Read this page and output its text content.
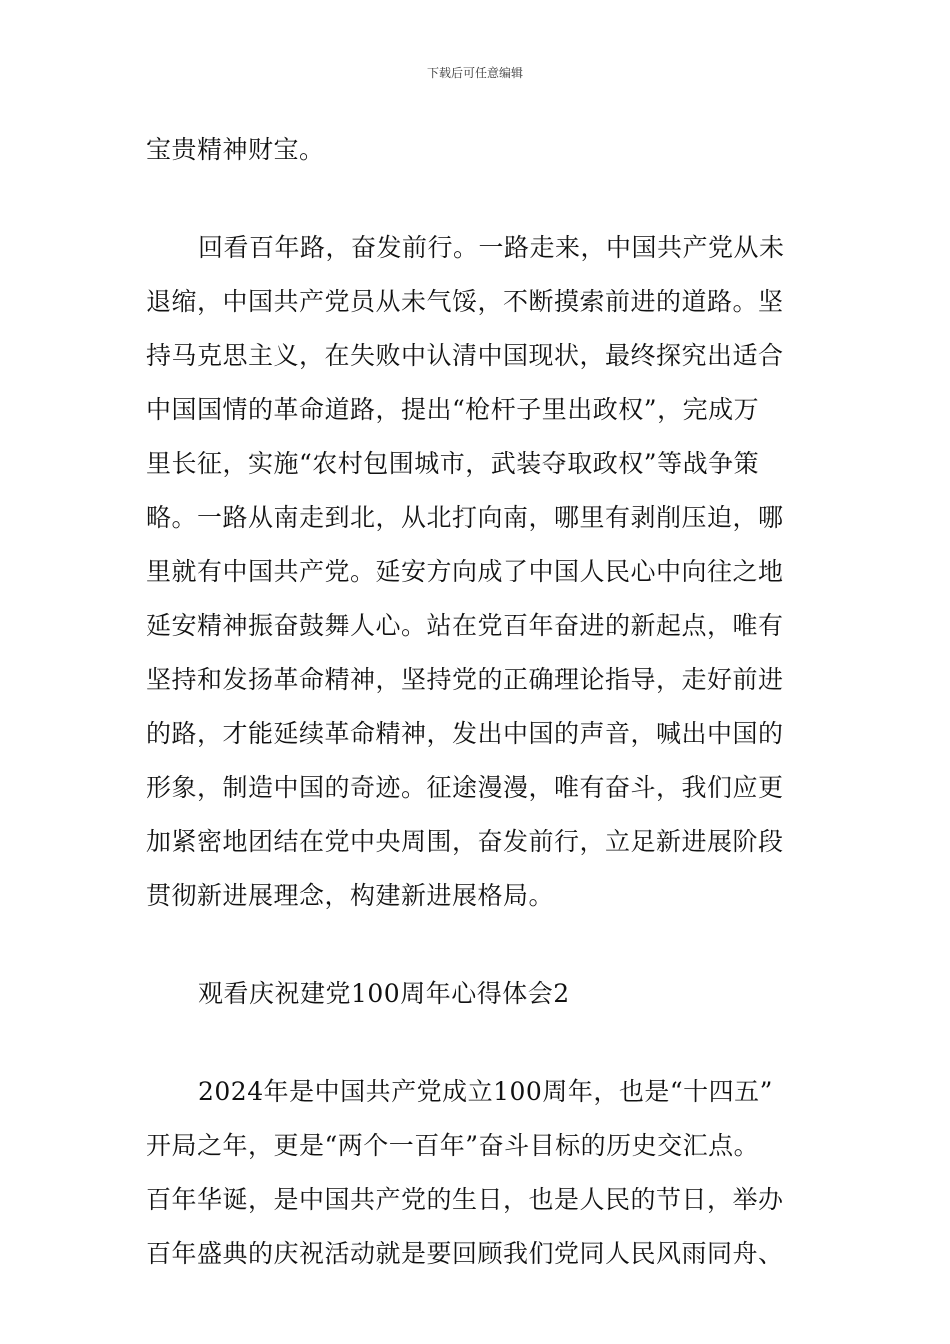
下载后可任意编辑
宝贵精神财宝。
回看百年路，奋发前行。一路走来，中国共产党从未
退缩，中国共产党员从未气馁，不断摸索前进的道路。坚
持马克思主义，在失败中认清中国现状，最终探究出适合
中国国情的革命道路，提出“枪杆子里出政权”，完成万
里长征，实施“农村包围城市，武装夺取政权”等战争策
略。一路从南走到北，从北打向南，哪里有剥削压迫，哪
里就有中国共产党。延安方向成了中国人民心中向往之地
延安精神振奋鼓舞人心。站在党百年奋进的新起点，唯有
坚持和发扬革命精神，坚持党的正确理论指导，走好前进
的路，才能延续革命精神，发出中国的声音，喊出中国的
形象，制造中国的奇迹。征途漫漫，唯有奋斗，我们应更
加紧密地团结在党中央周围，奋发前行，立足新进展阶段
贯彻新进展理念，构建新进展格局。
观看庆祝建党100周年心得体会2
2024年是中国共产党成立100周年，也是“十四五”
开局之年，更是“两个一百年”奋斗目标的历史交汇点。
百年华诞，是中国共产党的生日，也是人民的节日，举办
百年盛典的庆祝活动就是要回顾我们党同人民风雨同舟、
